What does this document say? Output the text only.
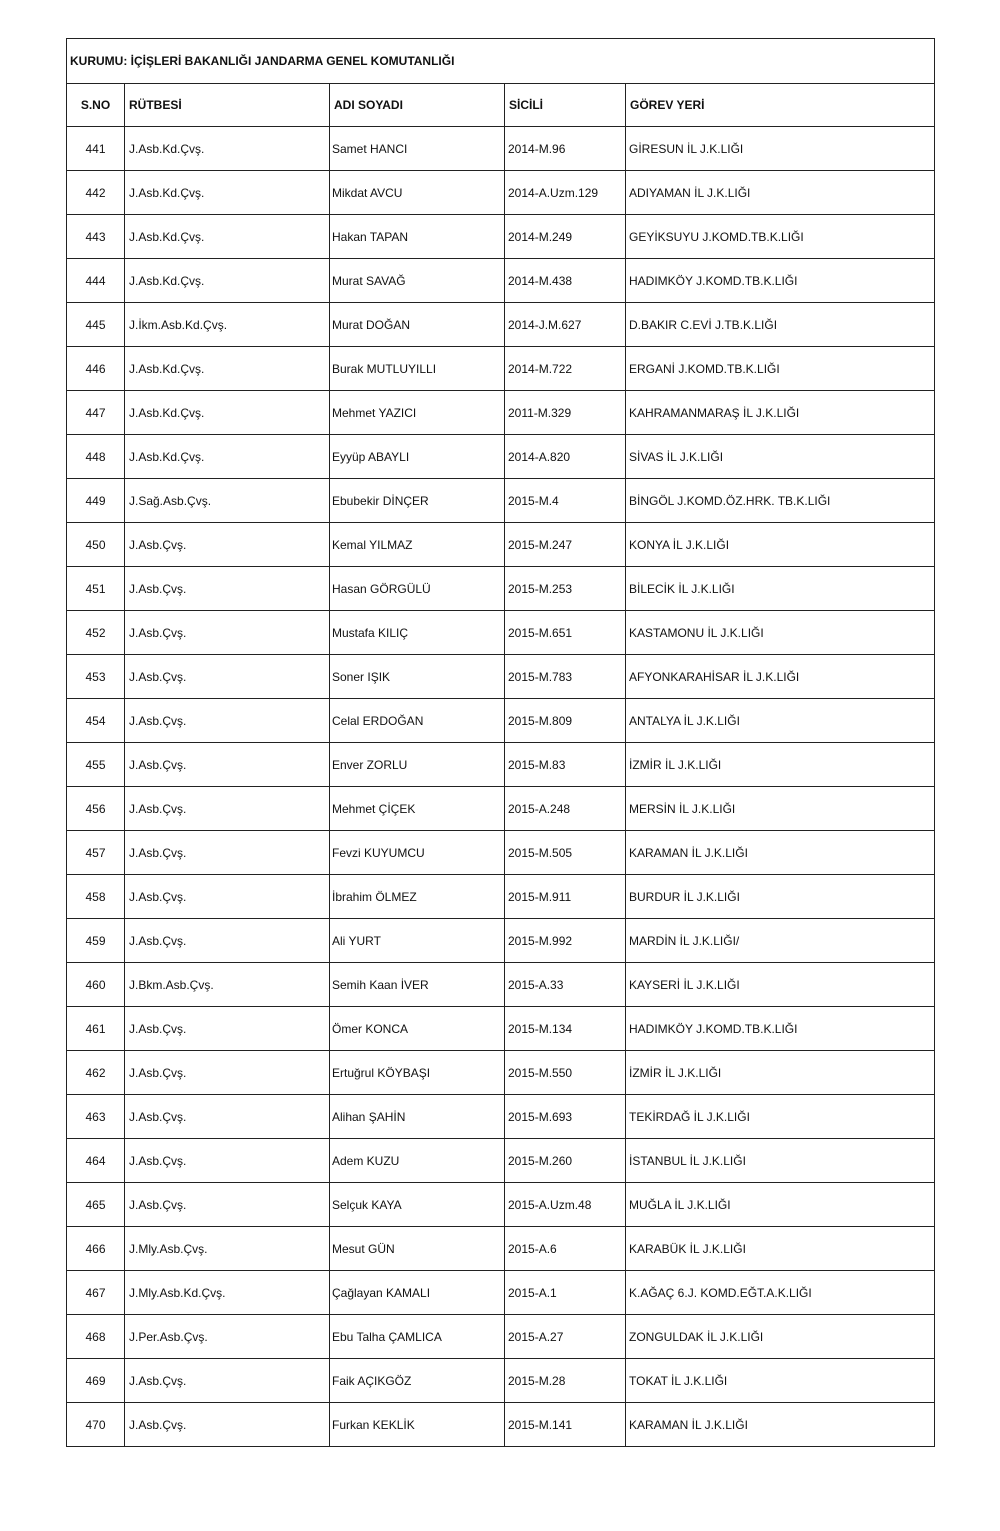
KURUMU: İÇİŞLERİ BAKANLIĞI JANDARMA GENEL KOMUTANLIĞI				
S.NO	RÜTBESİ	ADI SOYADI	SİCİLİ	GÖREV YERİ
441	J.Asb.Kd.Çvş.	Samet HANCI	2014-M.96	GİRESUN İL J.K.LIĞI
442	J.Asb.Kd.Çvş.	Mikdat AVCU	2014-A.Uzm.129	ADIYAMAN İL J.K.LIĞI
443	J.Asb.Kd.Çvş.	Hakan TAPAN	2014-M.249	GEYİKSUYU J.KOMD.TB.K.LIĞI
444	J.Asb.Kd.Çvş.	Murat SAVAĞ	2014-M.438	HADIMKÖY J.KOMD.TB.K.LIĞI
445	J.İkm.Asb.Kd.Çvş.	Murat DOĞAN	2014-J.M.627	D.BAKIR C.EVİ J.TB.K.LIĞI
446	J.Asb.Kd.Çvş.	Burak MUTLUYILLI	2014-M.722	ERGANİ J.KOMD.TB.K.LIĞI
447	J.Asb.Kd.Çvş.	Mehmet YAZICI	2011-M.329	KAHRAMANMARAŞ İL J.K.LIĞI
448	J.Asb.Kd.Çvş.	Eyyüp ABAYLI	2014-A.820	SİVAS İL J.K.LIĞI
449	J.Sağ.Asb.Çvş.	Ebubekir DİNÇER	2015-M.4	BİNGÖL J.KOMD.ÖZ.HRK. TB.K.LIĞI
450	J.Asb.Çvş.	Kemal YILMAZ	2015-M.247	KONYA İL J.K.LIĞI
451	J.Asb.Çvş.	Hasan GÖRGÜLÜ	2015-M.253	BİLECİK İL J.K.LIĞI
452	J.Asb.Çvş.	Mustafa KILIÇ	2015-M.651	KASTAMONU İL J.K.LIĞI
453	J.Asb.Çvş.	Soner IŞIK	2015-M.783	AFYONKARAHİSAR İL J.K.LIĞI
454	J.Asb.Çvş.	Celal ERDOĞAN	2015-M.809	ANTALYA İL J.K.LIĞI
455	J.Asb.Çvş.	Enver ZORLU	2015-M.83	İZMİR İL J.K.LIĞI
456	J.Asb.Çvş.	Mehmet ÇİÇEK	2015-A.248	MERSİN İL J.K.LIĞI
457	J.Asb.Çvş.	Fevzi KUYUMCU	2015-M.505	KARAMAN İL J.K.LIĞI
458	J.Asb.Çvş.	İbrahim ÖLMEZ	2015-M.911	BURDUR İL J.K.LIĞI
459	J.Asb.Çvş.	Ali YURT	2015-M.992	MARDİN İL J.K.LIĞI/
460	J.Bkm.Asb.Çvş.	Semih Kaan İVER	2015-A.33	KAYSERİ İL J.K.LIĞI
461	J.Asb.Çvş.	Ömer KONCA	2015-M.134	HADIMKÖY J.KOMD.TB.K.LIĞI
462	J.Asb.Çvş.	Ertuğrul KÖYBAŞI	2015-M.550	İZMİR İL J.K.LIĞI
463	J.Asb.Çvş.	Alihan ŞAHİN	2015-M.693	TEKİRDAĞ İL J.K.LIĞI
464	J.Asb.Çvş.	Adem KUZU	2015-M.260	İSTANBUL İL J.K.LIĞI
465	J.Asb.Çvş.	Selçuk KAYA	2015-A.Uzm.48	MUĞLA İL J.K.LIĞI
466	J.Mly.Asb.Çvş.	Mesut GÜN	2015-A.6	KARABÜK İL J.K.LIĞI
467	J.Mly.Asb.Kd.Çvş.	Çağlayan KAMALI	2015-A.1	K.AĞAÇ 6.J. KOMD.EĞT.A.K.LIĞI
468	J.Per.Asb.Çvş.	Ebu Talha ÇAMLICA	2015-A.27	ZONGULDAK İL J.K.LIĞI
469	J.Asb.Çvş.	Faik AÇIKGÖZ	2015-M.28	TOKAT İL J.K.LIĞI
470	J.Asb.Çvş.	Furkan KEKLİK	2015-M.141	KARAMAN İL J.K.LIĞI
